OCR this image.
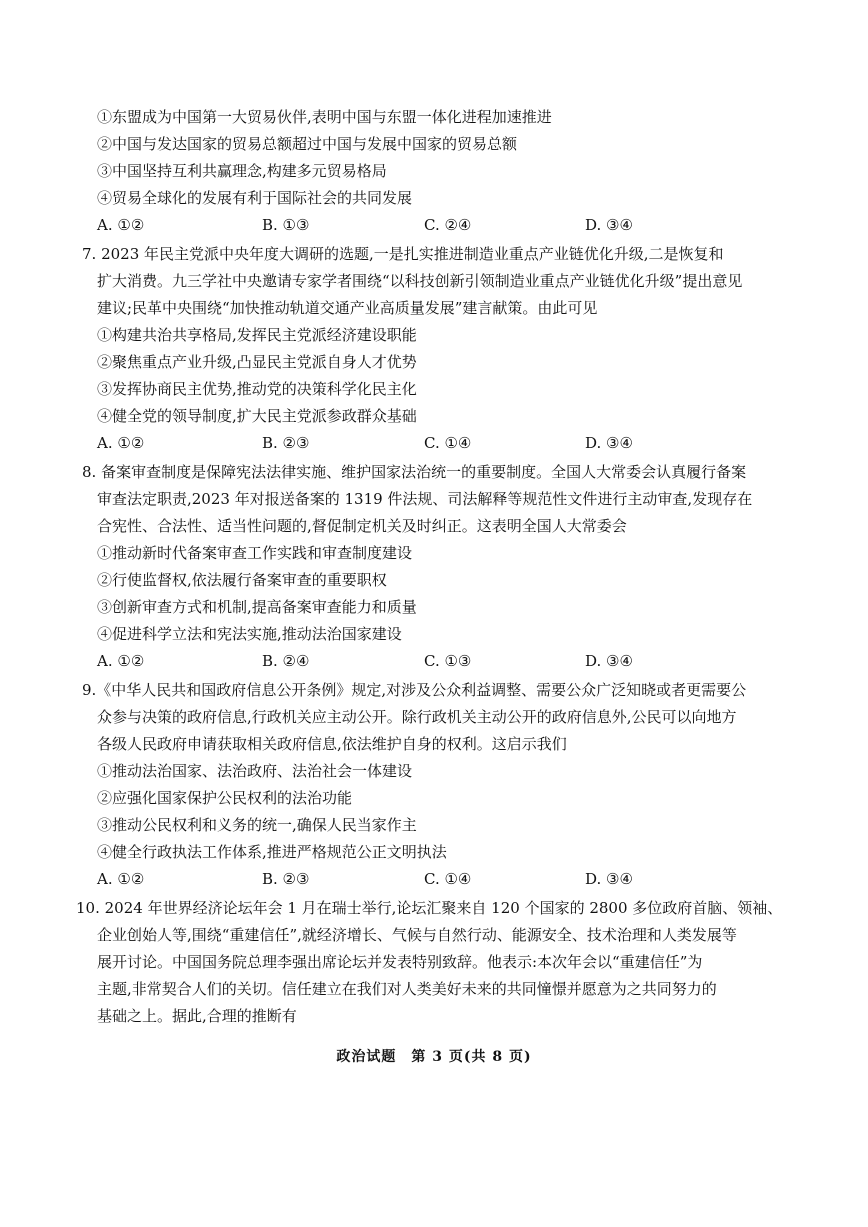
①东盟成为中国第一大贸易伙伴,表明中国与东盟一体化进程加速推进
②中国与发达国家的贸易总额超过中国与发展中国家的贸易总额
③中国坚持互利共赢理念,构建多元贸易格局
④贸易全球化的发展有利于国际社会的共同发展
A. ①②	B. ①③	C. ②④	D. ③④
7. 2023 年民主党派中央年度大调研的选题,一是扎实推进制造业重点产业链优化升级,二是恢复和
扩大消费。九三学社中央邀请专家学者围绕“以科技创新引领制造业重点产业链优化升级”提出意见
建议;民革中央围绕“加快推动轨道交通产业高质量发展”建言献策。由此可见
①构建共治共享格局,发挥民主党派经济建设职能
②聚焦重点产业升级,凸显民主党派自身人才优势
③发挥协商民主优势,推动党的决策科学化民主化
④健全党的领导制度,扩大民主党派参政群众基础
A. ①②	B. ②③	C. ①④	D. ③④
8. 备案审查制度是保障宪法法律实施、维护国家法治统一的重要制度。全国人大常委会认真履行备案
审查法定职责,2023 年对报送备案的 1319 件法规、司法解释等规范性文件进行主动审查,发现存在
合宪性、合法性、适当性问题的,督促制定机关及时纠正。这表明全国人大常委会
①推动新时代备案审查工作实践和审查制度建设
②行使监督权,依法履行备案审查的重要职权
③创新审查方式和机制,提高备案审查能力和质量
④促进科学立法和宪法实施,推动法治国家建设
A. ①②	B. ②④	C. ①③	D. ③④
9.《中华人民共和国政府信息公开条例》规定,对涉及公众利益调整、需要公众广泛知晓或者更需要公
众参与决策的政府信息,行政机关应主动公开。除行政机关主动公开的政府信息外,公民可以向地方
各级人民政府申请获取相关政府信息,依法维护自身的权利。这启示我们
①推动法治国家、法治政府、法治社会一体建设
②应强化国家保护公民权利的法治功能
③推动公民权利和义务的统一,确保人民当家作主
④健全行政执法工作体系,推进严格规范公正文明执法
A. ①②	B. ②③	C. ①④	D. ③④
10. 2024 年世界经济论坛年会 1 月在瑞士举行,论坛汇聚来自 120 个国家的 2800 多位政府首脑、领袖、
企业创始人等,围绕“重建信任”,就经济增长、气候与自然行动、能源安全、技术治理和人类发展等
展开讨论。中国国务院总理李强出席论坛并发表特别致辞。他表示:本次年会以“重建信任”为
主题,非常契合人们的关切。信任建立在我们对人类美好未来的共同憧憬并愿意为之共同努力的
基础之上。据此,合理的推断有
政治试题　第 3 页(共 8 页)
